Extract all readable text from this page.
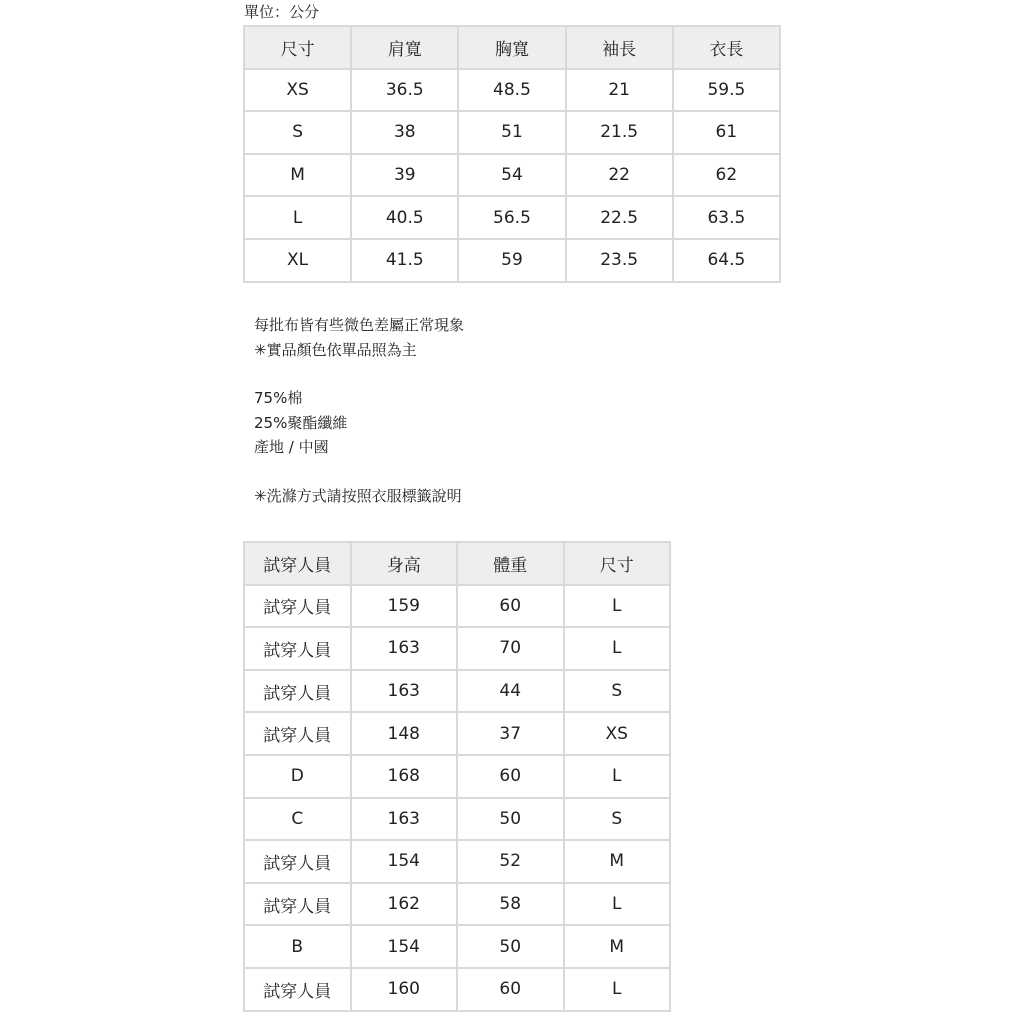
單位：公分
尺寸	肩寬	胸寬	袖長	衣長
XS	36.5	48.5	21	59.5
S	38	51	21.5	61
M	39	54	22	62
L	40.5	56.5	22.5	63.5
XL	41.5	59	23.5	64.5
每批布皆有些微色差屬正常現象
✳實品顏色依單品照為主
75%棉
25%聚酯纖維
產地 / 中國
✳洗滌方式請按照衣服標籤說明
試穿人員	身高	體重	尺寸
試穿人員	159	60	L
試穿人員	163	70	L
試穿人員	163	44	S
試穿人員	148	37	XS
D	168	60	L
C	163	50	S
試穿人員	154	52	M
試穿人員	162	58	L
B	154	50	M
試穿人員	160	60	L
